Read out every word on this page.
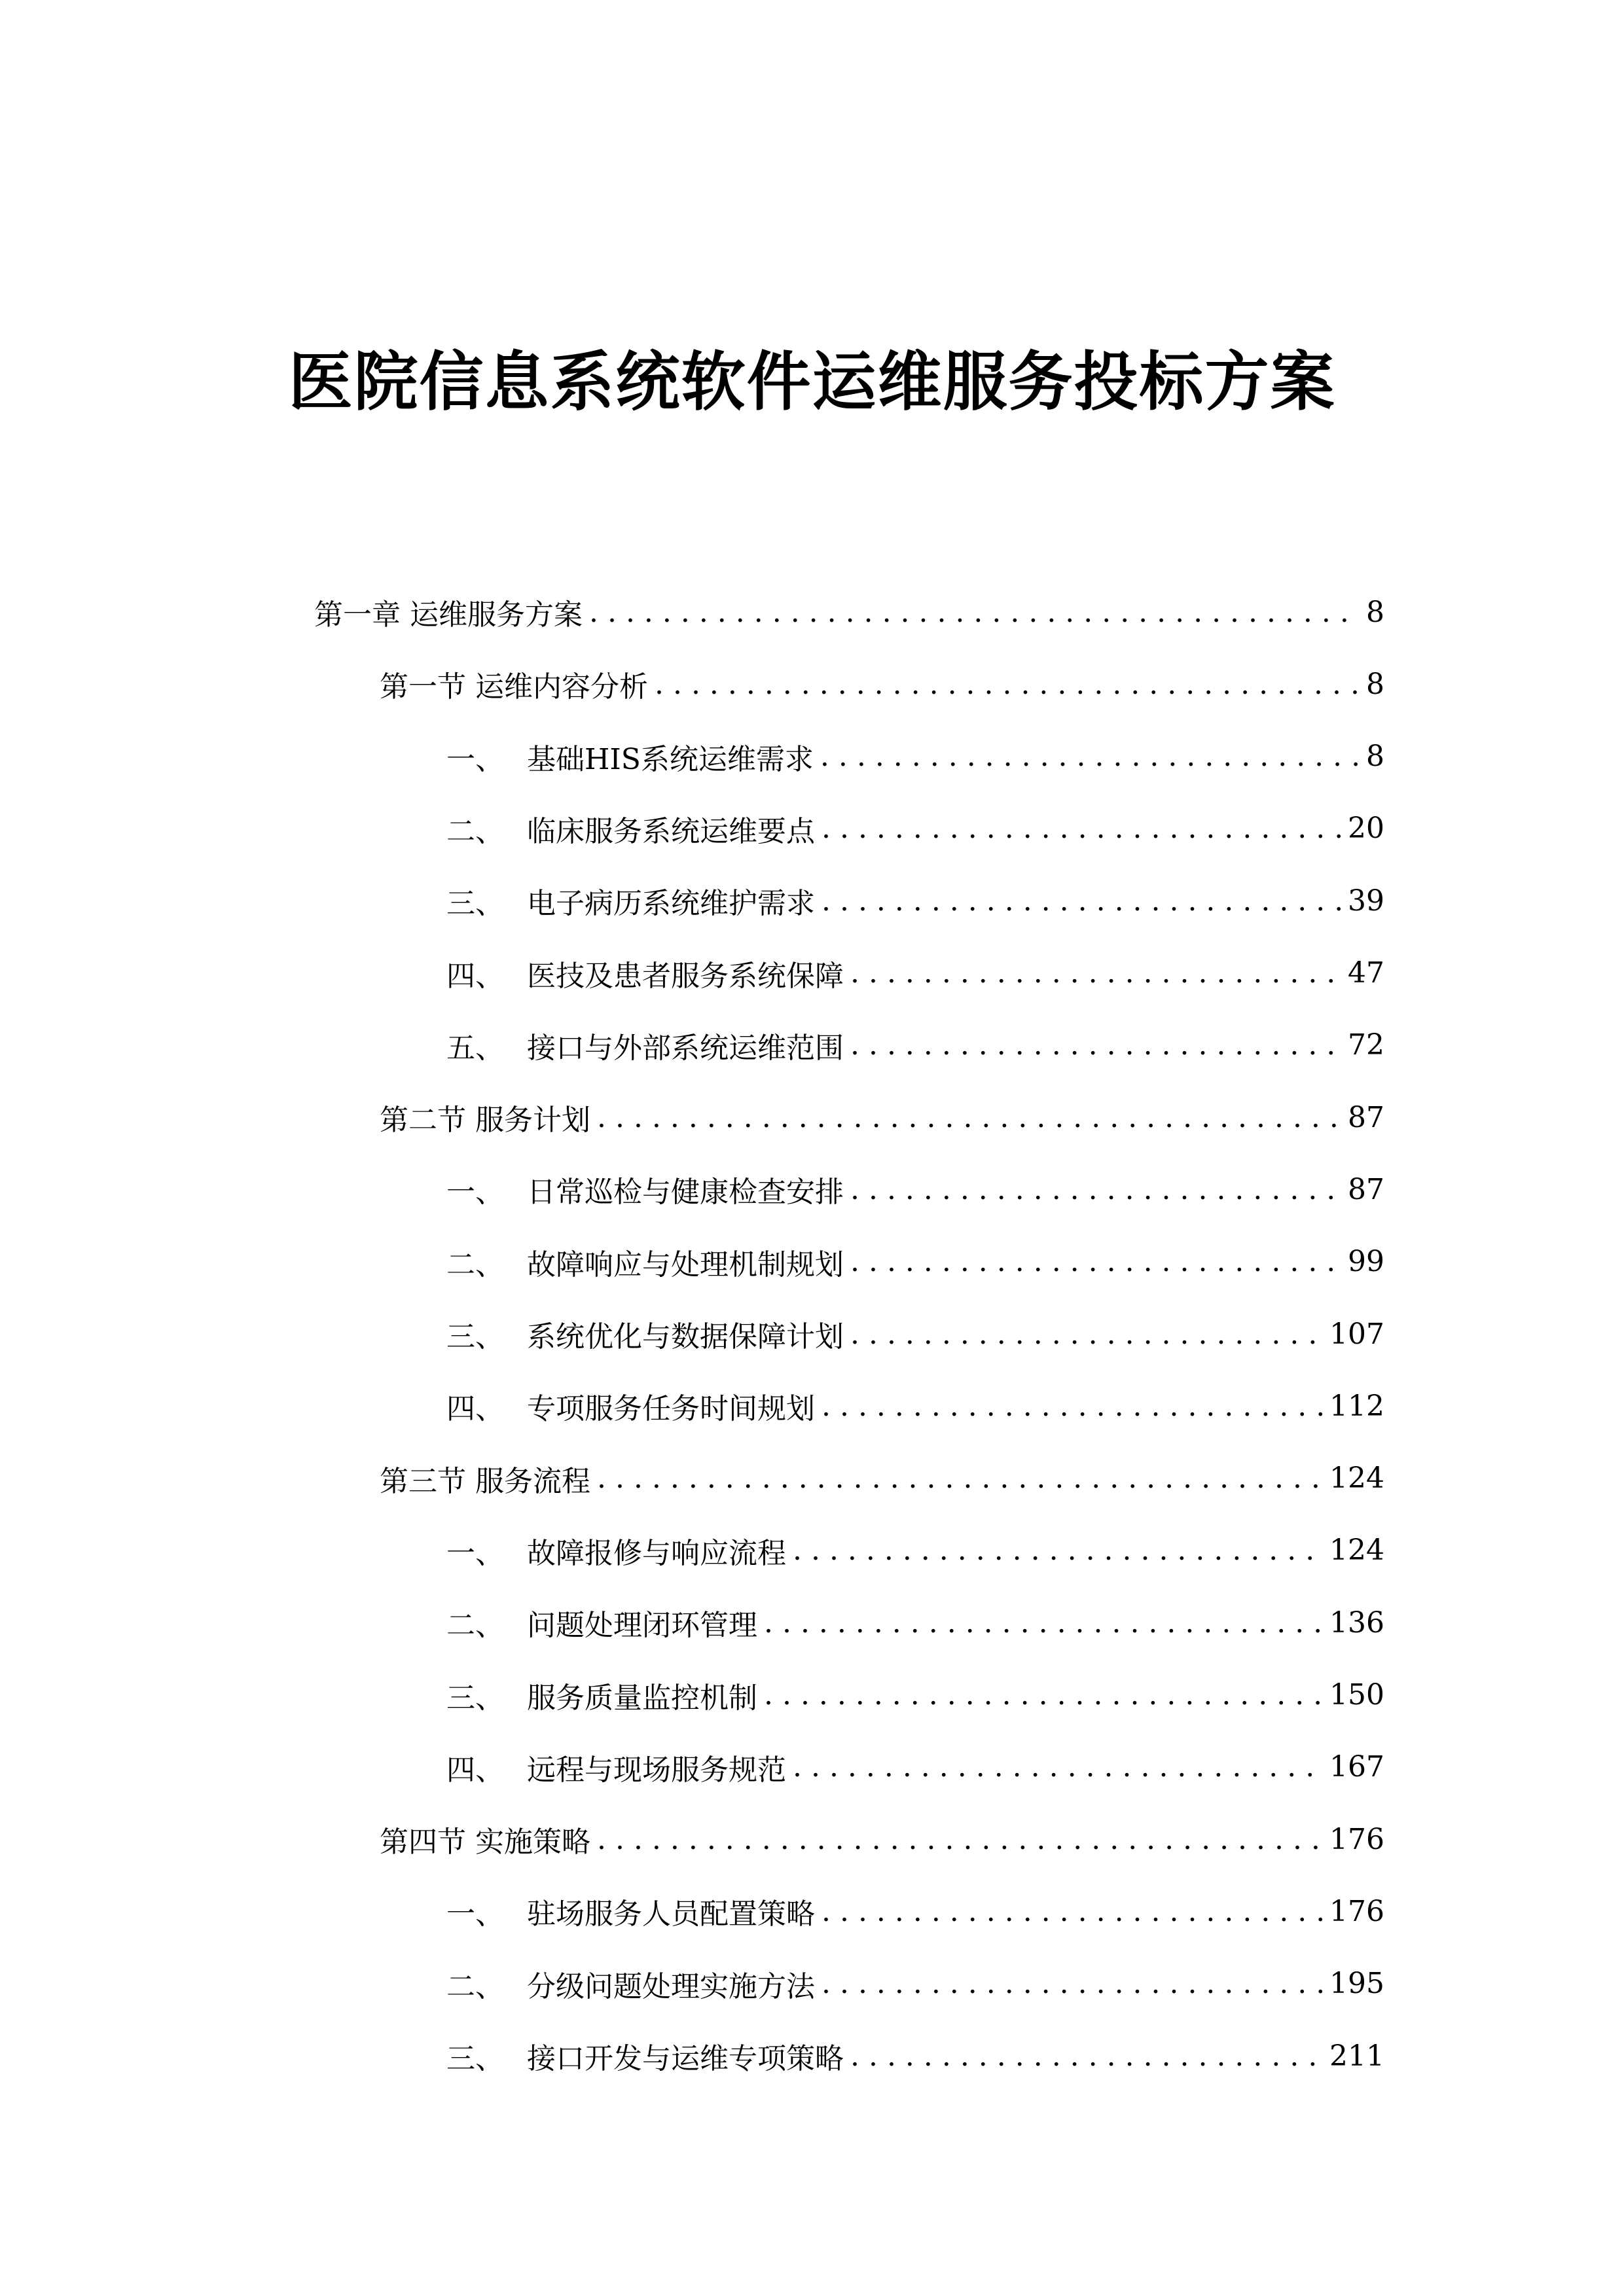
医院信息系统软件运维服务投标方案
第一章 运维服务方案 . . .	8
第一节 运维内容分析 . . .	8
一、 基础HIS系统运维需求 . . .	8
二、 临床服务系统运维要点 . . .	20
三、 电子病历系统维护需求 . . .	39
四、 医技及患者服务系统保障 . . .	47
五、 接口与外部系统运维范围 . . .	72
第二节 服务计划 . . .	87
一、 日常巡检与健康检查安排 . . .	87
二、 故障响应与处理机制规划 . . .	99
三、 系统优化与数据保障计划 . . .	107
四、 专项服务任务时间规划 . . .	112
第三节 服务流程 . . .	124
一、 故障报修与响应流程 . . .	124
二、 问题处理闭环管理 . . .	136
三、 服务质量监控机制 . . .	150
四、 远程与现场服务规范 . . .	167
第四节 实施策略 . . .	176
一、 驻场服务人员配置策略 . . .	176
二、 分级问题处理实施方法 . . .	195
三、 接口开发与运维专项策略 . . .	211
